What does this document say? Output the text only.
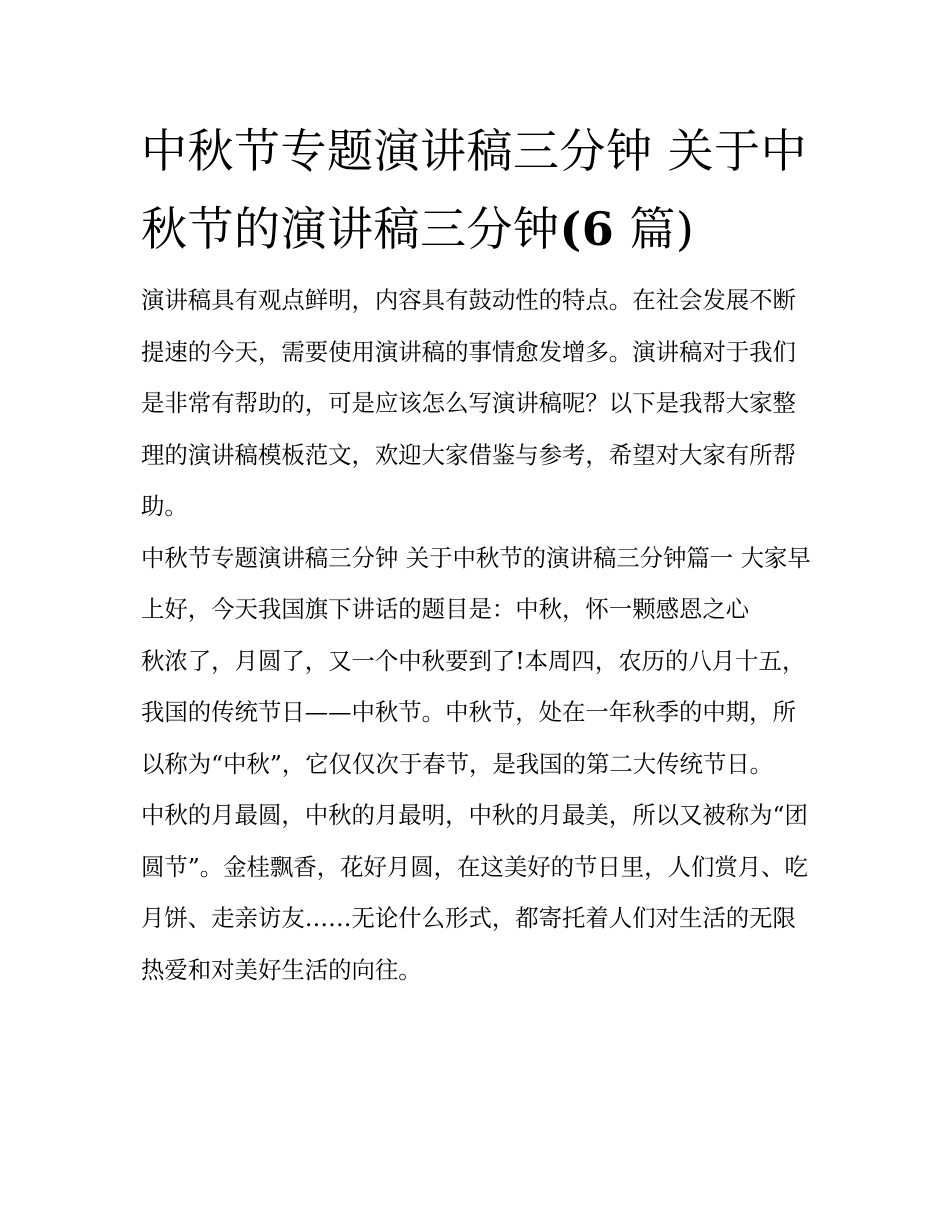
中秋节专题演讲稿三分钟 关于中秋节的演讲稿三分钟(6 篇)

演讲稿具有观点鲜明，内容具有鼓动性的特点。在社会发展不断提速的今天，需要使用演讲稿的事情愈发增多。演讲稿对于我们是非常有帮助的，可是应该怎么写演讲稿呢？以下是我帮大家整理的演讲稿模板范文，欢迎大家借鉴与参考，希望对大家有所帮助。

中秋节专题演讲稿三分钟 关于中秋节的演讲稿三分钟篇一 大家早上好，今天我国旗下讲话的题目是：中秋，怀一颗感恩之心

秋浓了，月圆了，又一个中秋要到了!本周四，农历的八月十五，我国的传统节日——中秋节。中秋节，处在一年秋季的中期，所以称为“中秋”，它仅仅次于春节，是我国的第二大传统节日。

中秋的月最圆，中秋的月最明，中秋的月最美，所以又被称为“团圆节”。金桂飘香，花好月圆，在这美好的节日里，人们赏月、吃月饼、走亲访友……无论什么形式，都寄托着人们对生活的无限热爱和对美好生活的向往。
